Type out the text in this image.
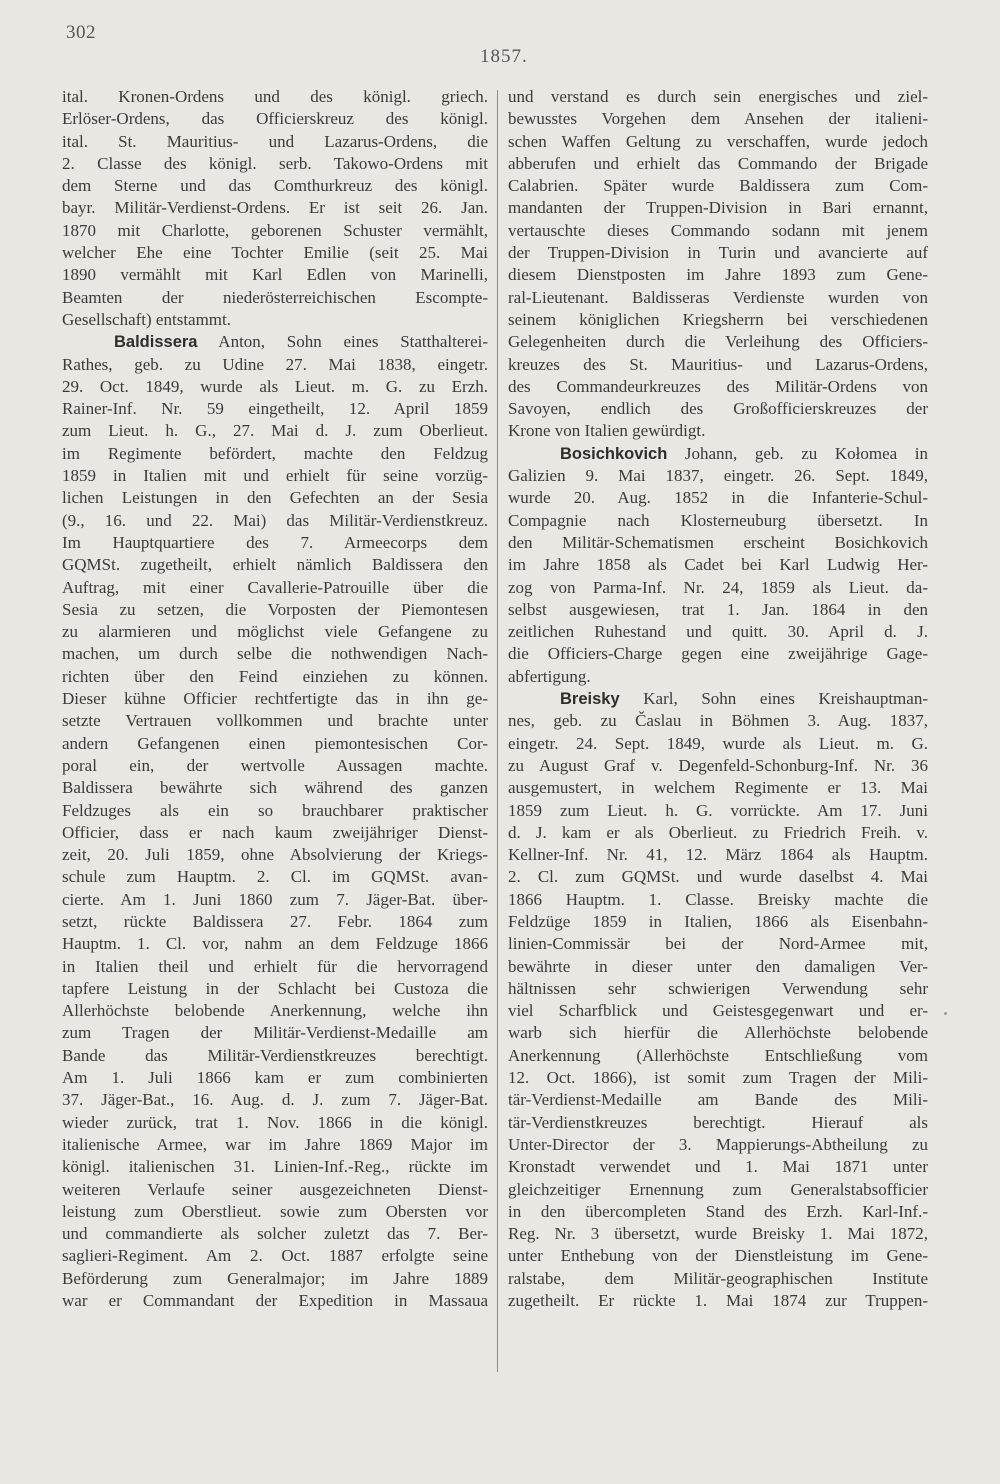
302
1857.
ital. Kronen-Ordens und des königl. griech.
Erlöser-Ordens, das Officierskreuz des königl.
ital. St. Mauritius- und Lazarus-Ordens, die
2. Classe des königl. serb. Takowo-Ordens mit
dem Sterne und das Comthurkreuz des königl.
bayr. Militär-Verdienst-Ordens. Er ist seit 26. Jan.
1870 mit Charlotte, geborenen Schuster vermählt,
welcher Ehe eine Tochter Emilie (seit 25. Mai
1890 vermählt mit Karl Edlen von Marinelli,
Beamten der niederösterreichischen Escompte-
Gesellschaft) entstammt.
Baldissera Anton, Sohn eines Statthalterei-
Rathes, geb. zu Udine 27. Mai 1838, eingetr.
29. Oct. 1849, wurde als Lieut. m. G. zu Erzh.
Rainer-Inf. Nr. 59 eingetheilt, 12. April 1859
zum Lieut. h. G., 27. Mai d. J. zum Oberlieut.
im Regimente befördert, machte den Feldzug
1859 in Italien mit und erhielt für seine vorzüg-
lichen Leistungen in den Gefechten an der Sesia
(9., 16. und 22. Mai) das Militär-Verdienstkreuz.
Im Hauptquartiere des 7. Armeecorps dem
GQMSt. zugetheilt, erhielt nämlich Baldissera den
Auftrag, mit einer Cavallerie-Patrouille über die
Sesia zu setzen, die Vorposten der Piemontesen
zu alarmieren und möglichst viele Gefangene zu
machen, um durch selbe die nothwendigen Nach-
richten über den Feind einziehen zu können.
Dieser kühne Officier rechtfertigte das in ihn ge-
setzte Vertrauen vollkommen und brachte unter
andern Gefangenen einen piemontesischen Cor-
poral ein, der wertvolle Aussagen machte.
Baldissera bewährte sich während des ganzen
Feldzuges als ein so brauchbarer praktischer
Officier, dass er nach kaum zweijähriger Dienst-
zeit, 20. Juli 1859, ohne Absolvierung der Kriegs-
schule zum Hauptm. 2. Cl. im GQMSt. avan-
cierte. Am 1. Juni 1860 zum 7. Jäger-Bat. über-
setzt, rückte Baldissera 27. Febr. 1864 zum
Hauptm. 1. Cl. vor, nahm an dem Feldzuge 1866
in Italien theil und erhielt für die hervorragend
tapfere Leistung in der Schlacht bei Custoza die
Allerhöchste belobende Anerkennung, welche ihn
zum Tragen der Militär-Verdienst-Medaille am
Bande das Militär-Verdienstkreuzes berechtigt.
Am 1. Juli 1866 kam er zum combinierten
37. Jäger-Bat., 16. Aug. d. J. zum 7. Jäger-Bat.
wieder zurück, trat 1. Nov. 1866 in die königl.
italienische Armee, war im Jahre 1869 Major im
königl. italienischen 31. Linien-Inf.-Reg., rückte im
weiteren Verlaufe seiner ausgezeichneten Dienst-
leistung zum Oberstlieut. sowie zum Obersten vor
und commandierte als solcher zuletzt das 7. Ber-
saglieri-Regiment. Am 2. Oct. 1887 erfolgte seine
Beförderung zum Generalmajor; im Jahre 1889
war er Commandant der Expedition in Massaua
und verstand es durch sein energisches und ziel-
bewusstes Vorgehen dem Ansehen der italieni-
schen Waffen Geltung zu verschaffen, wurde jedoch
abberufen und erhielt das Commando der Brigade
Calabrien. Später wurde Baldissera zum Com-
mandanten der Truppen-Division in Bari ernannt,
vertauschte dieses Commando sodann mit jenem
der Truppen-Division in Turin und avancierte auf
diesem Dienstposten im Jahre 1893 zum Gene-
ral-Lieutenant. Baldisseras Verdienste wurden von
seinem königlichen Kriegsherrn bei verschiedenen
Gelegenheiten durch die Verleihung des Officiers-
kreuzes des St. Mauritius- und Lazarus-Ordens,
des Commandeurkreuzes des Militär-Ordens von
Savoyen, endlich des Großofficierskreuzes der
Krone von Italien gewürdigt.
Bosichkovich Johann, geb. zu Kołomea in
Galizien 9. Mai 1837, eingetr. 26. Sept. 1849,
wurde 20. Aug. 1852 in die Infanterie-Schul-
Compagnie nach Klosterneuburg übersetzt. In
den Militär-Schematismen erscheint Bosichkovich
im Jahre 1858 als Cadet bei Karl Ludwig Her-
zog von Parma-Inf. Nr. 24, 1859 als Lieut. da-
selbst ausgewiesen, trat 1. Jan. 1864 in den
zeitlichen Ruhestand und quitt. 30. April d. J.
die Officiers-Charge gegen eine zweijährige Gage-
abfertigung.
Breisky Karl, Sohn eines Kreishauptman-
nes, geb. zu Časlau in Böhmen 3. Aug. 1837,
eingetr. 24. Sept. 1849, wurde als Lieut. m. G.
zu August Graf v. Degenfeld-Schonburg-Inf. Nr. 36
ausgemustert, in welchem Regimente er 13. Mai
1859 zum Lieut. h. G. vorrückte. Am 17. Juni
d. J. kam er als Oberlieut. zu Friedrich Freih. v.
Kellner-Inf. Nr. 41, 12. März 1864 als Hauptm.
2. Cl. zum GQMSt. und wurde daselbst 4. Mai
1866 Hauptm. 1. Classe. Breisky machte die
Feldzüge 1859 in Italien, 1866 als Eisenbahn-
linien-Commissär bei der Nord-Armee mit,
bewährte in dieser unter den damaligen Ver-
hältnissen sehr schwierigen Verwendung sehr
viel Scharfblick und Geistesgegenwart und er-
warb sich hierfür die Allerhöchste belobende
Anerkennung (Allerhöchste Entschließung vom
12. Oct. 1866), ist somit zum Tragen der Mili-
tär-Verdienst-Medaille am Bande des Mili-
tär-Verdienstkreuzes berechtigt. Hierauf als
Unter-Director der 3. Mappierungs-Abtheilung zu
Kronstadt verwendet und 1. Mai 1871 unter
gleichzeitiger Ernennung zum Generalstabsofficier
in den übercompleten Stand des Erzh. Karl-Inf.-
Reg. Nr. 3 übersetzt, wurde Breisky 1. Mai 1872,
unter Enthebung von der Dienstleistung im Gene-
ralstabe, dem Militär-geographischen Institute
zugetheilt. Er rückte 1. Mai 1874 zur Truppen-
